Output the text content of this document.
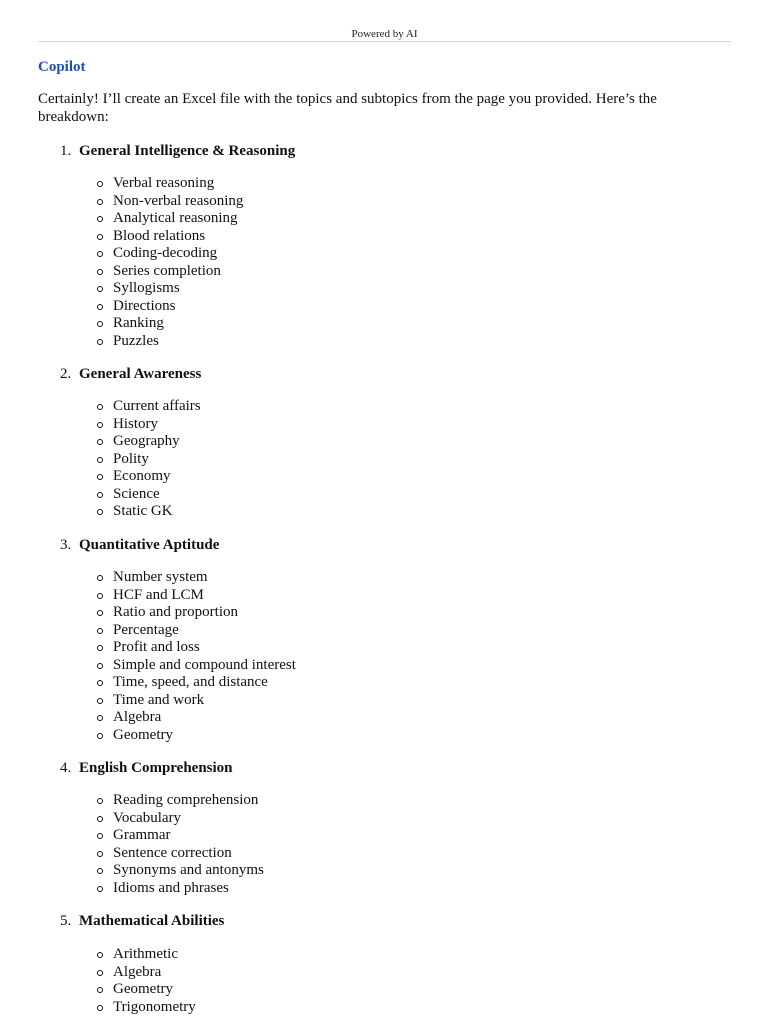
Powered by AI
Copilot
Certainly! I’ll create an Excel file with the topics and subtopics from the page you provided. Here’s the breakdown:
1. General Intelligence & Reasoning
Verbal reasoning
Non-verbal reasoning
Analytical reasoning
Blood relations
Coding-decoding
Series completion
Syllogisms
Directions
Ranking
Puzzles
2. General Awareness
Current affairs
History
Geography
Polity
Economy
Science
Static GK
3. Quantitative Aptitude
Number system
HCF and LCM
Ratio and proportion
Percentage
Profit and loss
Simple and compound interest
Time, speed, and distance
Time and work
Algebra
Geometry
4. English Comprehension
Reading comprehension
Vocabulary
Grammar
Sentence correction
Synonyms and antonyms
Idioms and phrases
5. Mathematical Abilities
Arithmetic
Algebra
Geometry
Trigonometry
